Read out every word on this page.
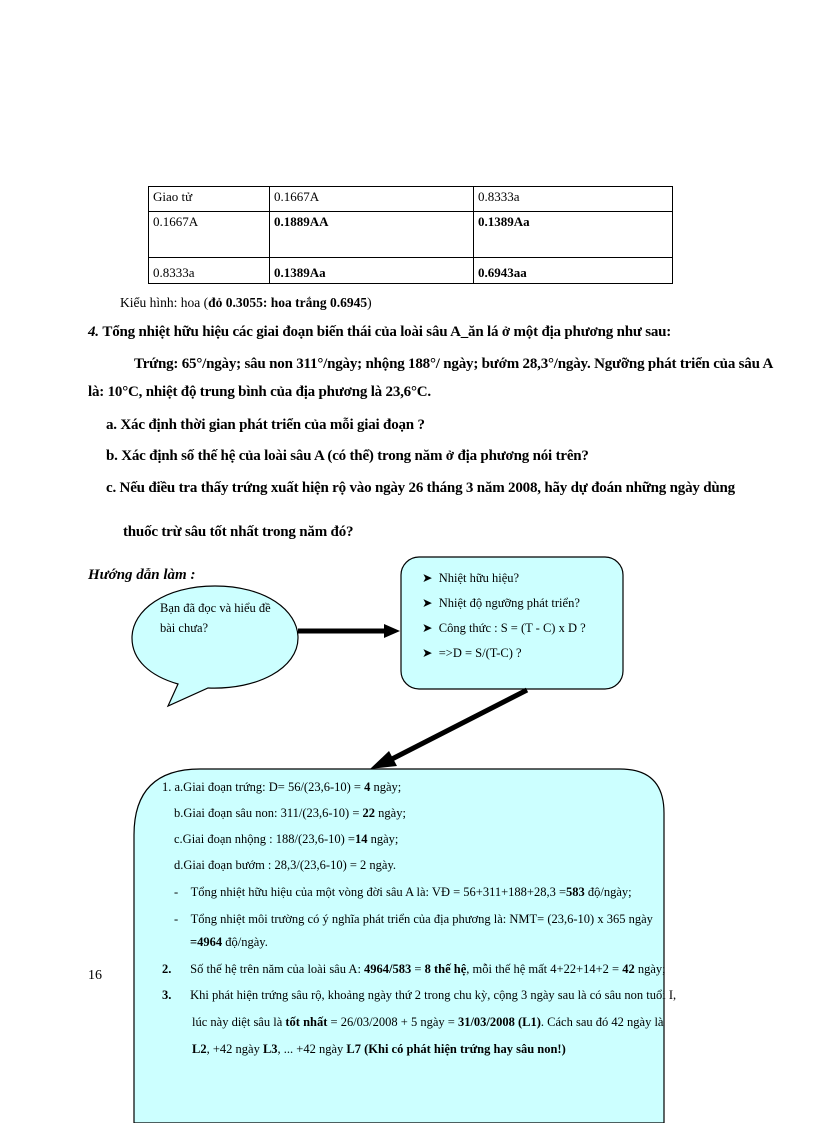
Giao tử	0.1667A	0.8333a
0.1667A	0.1889AA	0.1389Aa
0.8333a	0.1389Aa	0.6943aa
Kiểu hình: hoa (đỏ 0.3055: hoa trắng 0.6945)
4. Tổng nhiệt hữu hiệu các giai đoạn biến thái của loài sâu A_ăn lá ở một địa phương như sau:
Trứng: 65°/ngày; sâu non 311°/ngày; nhộng 188°/ ngày; bướm 28,3°/ngày. Ngưỡng phát triển của sâu A
là: 10°C, nhiệt độ trung bình của địa phương là 23,6°C.
a. Xác định thời gian phát triển của mỗi giai đoạn ?
b. Xác định số thế hệ của loài sâu A (có thể) trong năm ở địa phương nói trên?
c. Nếu điều tra thấy trứng xuất hiện rộ vào ngày 26 tháng 3 năm 2008, hãy dự đoán những ngày dùng
thuốc trừ sâu tốt nhất trong năm đó?
Hướng dẫn làm :
Bạn đã đọc và hiểu đề bài chưa?
➤ Nhiệt hữu hiệu?
➤ Nhiệt độ ngưỡng phát triển?
➤ Công thức : S = (T - C) x D ?
➤ =>D = S/(T-C) ?
1. a.Giai đoạn trứng: D= 56/(23,6-10) = 4 ngày;
b.Giai đoạn sâu non: 311/(23,6-10) = 22 ngày;
c.Giai đoạn nhộng : 188/(23,6-10) =14 ngày;
d.Giai đoạn bướm : 28,3/(23,6-10) = 2 ngày.
- Tổng nhiệt hữu hiệu của một vòng đời sâu A là: VĐ = 56+311+188+28,3 =583 độ/ngày;
- Tổng nhiệt môi trường có ý nghĩa phát triển của địa phương là: NMT= (23,6-10) x 365 ngày
=4964 độ/ngày.
2. Số thế hệ trên năm của loài sâu A: 4964/583 = 8 thế hệ, mỗi thế hệ mất 4+22+14+2 = 42 ngày;
3. Khi phát hiện trứng sâu rộ, khoảng ngày thứ 2 trong chu kỳ, cộng 3 ngày sau là có sâu non tuổi I,
lúc này diệt sâu là tốt nhất = 26/03/2008 + 5 ngày = 31/03/2008 (L1). Cách sau đó 42 ngày là
L2, +42 ngày L3, ... +42 ngày L7 (Khi có phát hiện trứng hay sâu non!)
16
